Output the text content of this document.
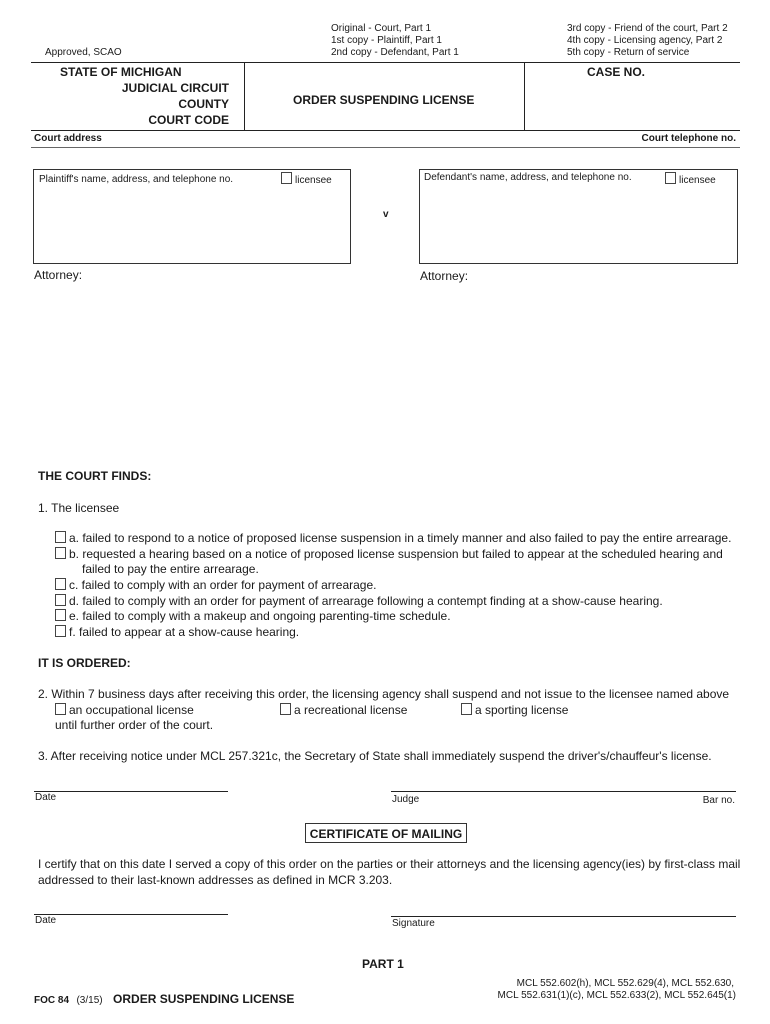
Approved, SCAO
Original - Court, Part 1
1st copy - Plaintiff, Part 1
2nd copy - Defendant, Part 1
3rd copy - Friend of the court, Part 2
4th copy - Licensing agency, Part 2
5th copy - Return of service
STATE OF MICHIGAN
JUDICIAL CIRCUIT
COUNTY
COURT CODE
ORDER SUSPENDING LICENSE
CASE NO.
Court address	Court telephone no.
Plaintiff's name, address, and telephone no.	licensee
v
Defendant's name, address, and telephone no.	licensee
Attorney:	Attorney:
THE COURT FINDS:
1. The licensee
a. failed to respond to a notice of proposed license suspension in a timely manner and also failed to pay the entire arrearage.
b. requested a hearing based on a notice of proposed license suspension but failed to appear at the scheduled hearing and
failed to pay the entire arrearage.
c. failed to comply with an order for payment of arrearage.
d. failed to comply with an order for payment of arrearage following a contempt finding at a show-cause hearing.
e. failed to comply with a makeup and ongoing parenting-time schedule.
f. failed to appear at a show-cause hearing.
IT IS ORDERED:
2. Within 7 business days after receiving this order, the licensing agency shall suspend and not issue to the licensee named above
an occupational license	a recreational license	a sporting license
until further order of the court.
3. After receiving notice under MCL 257.321c, the Secretary of State shall immediately suspend the driver's/chauffeur's license.
Date	Judge	Bar no.
CERTIFICATE OF MAILING
I certify that on this date I served a copy of this order on the parties or their attorneys and the licensing agency(ies) by first-class mail
addressed to their last-known addresses as defined in MCR 3.203.
Date	Signature
PART 1
FOC 84 (3/15) ORDER SUSPENDING LICENSE
MCL 552.602(h), MCL 552.629(4), MCL 552.630,
MCL 552.631(1)(c), MCL 552.633(2), MCL 552.645(1)
